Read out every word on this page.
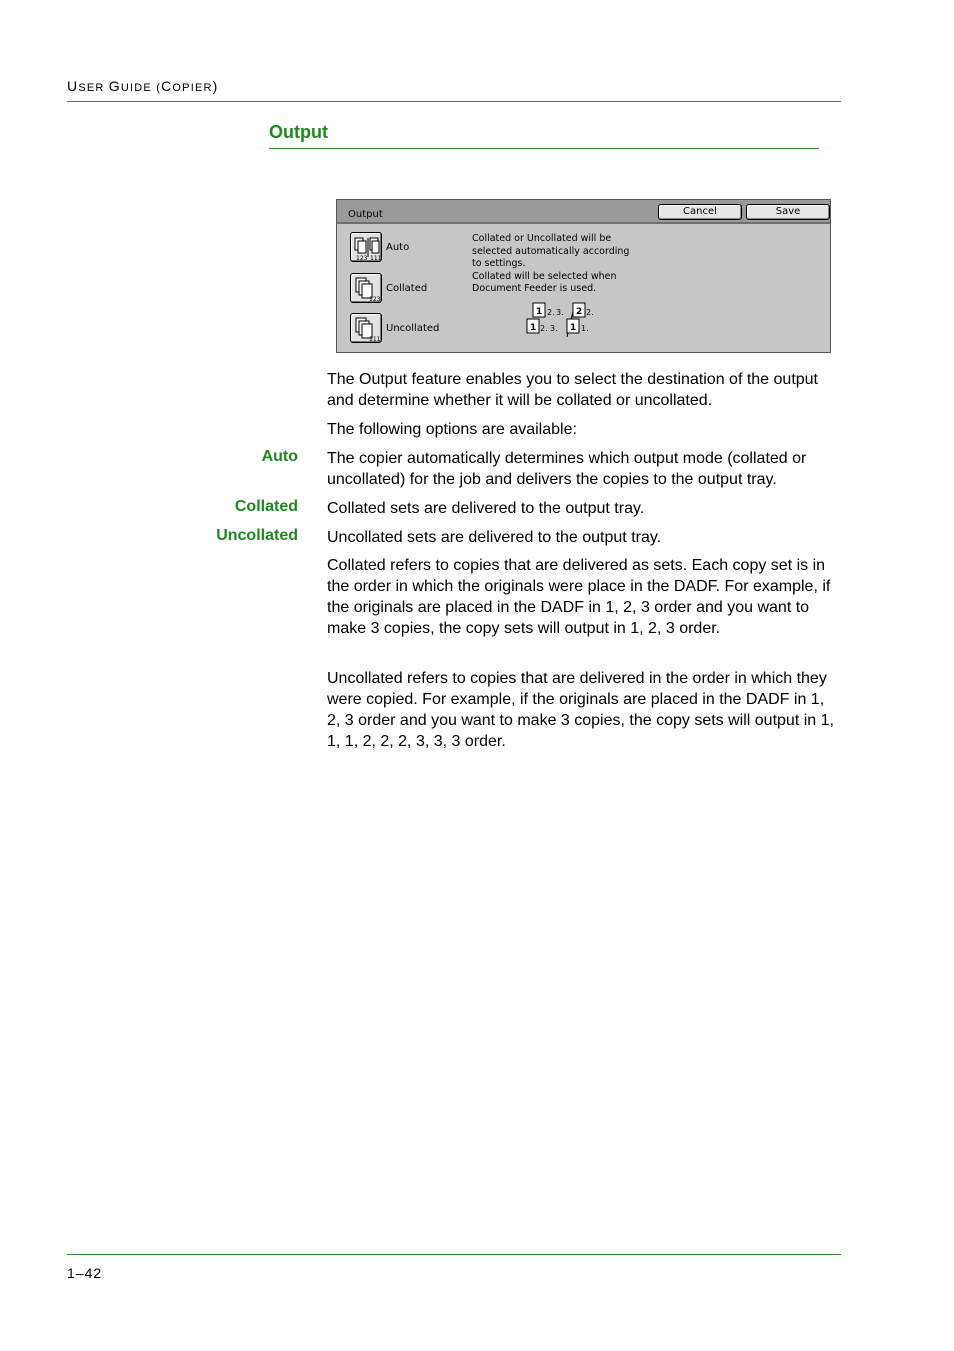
USER GUIDE (COPIER)
Output
Output	Cancel	Save
123 111
Auto
123
Collated
111
Uncollated
Collated or Uncollated will be
selected automatically according
to settings.
Collated will be selected when
Document Feeder is used.
1 2. 3. 2 2.
1 2. 3. 1 1.
The Output feature enables you to select the destination of the output and determine whether it will be collated or uncollated.
The following options are available:
Auto The copier automatically determines which output mode (collated or uncollated) for the job and delivers the copies to the output tray.
Collated Collated sets are delivered to the output tray.
Uncollated Uncollated sets are delivered to the output tray.
Collated refers to copies that are delivered as sets. Each copy set is in the order in which the originals were place in the DADF. For example, if the originals are placed in the DADF in 1, 2, 3 order and you want to make 3 copies, the copy sets will output in 1, 2, 3 order.
Uncollated refers to copies that are delivered in the order in which they were copied. For example, if the originals are placed in the DADF in 1, 2, 3 order and you want to make 3 copies, the copy sets will output in 1, 1, 1, 2, 2, 2, 3, 3, 3 order.
1–42
